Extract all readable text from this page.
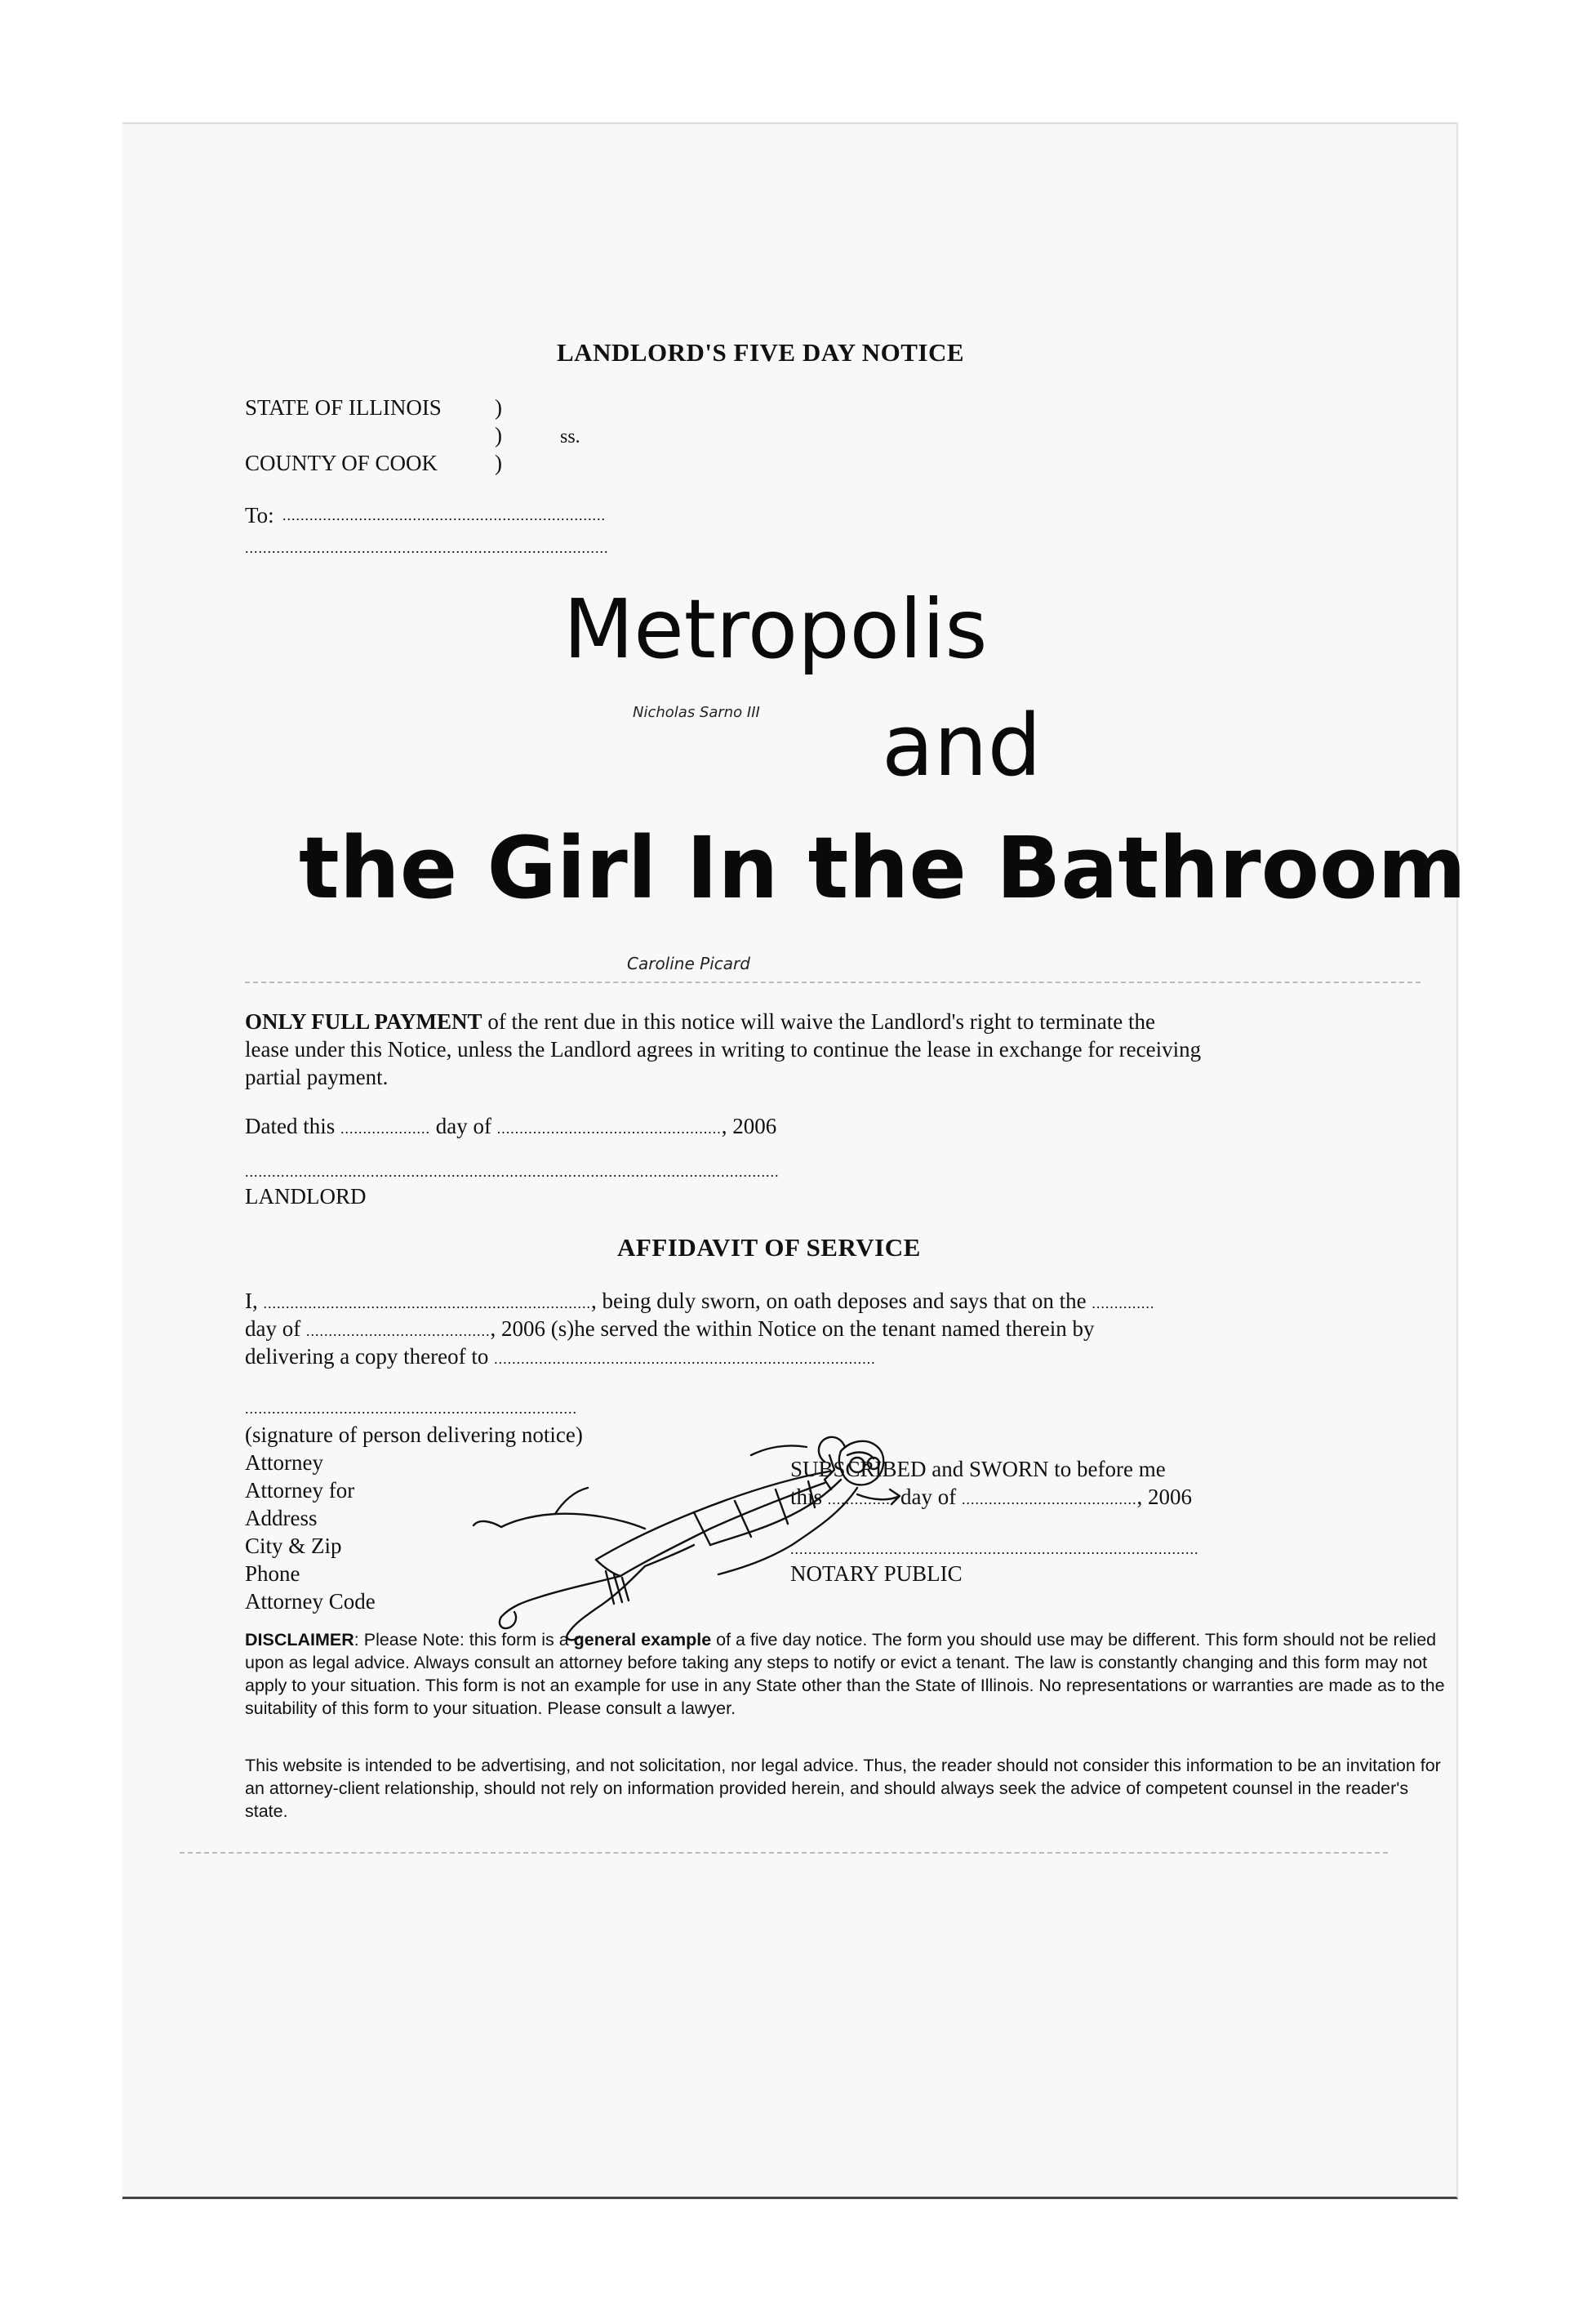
LANDLORD'S FIVE DAY NOTICE
STATE OF ILLINOIS )
)	ss.
COUNTY OF COOK	)
To: ........................................................................
.................................................................................
Metropolis
Nicholas Sarno III and
the Girl In the Bathroom
Caroline Picard
ONLY FULL PAYMENT of the rent due in this notice will waive the Landlord's right to terminate the
lease under this Notice, unless the Landlord agrees in writing to continue the lease in exchange for receiving
partial payment.
Dated this .................... day of .................................................., 2006
.......................................................................................................................
LANDLORD
AFFIDAVIT OF SERVICE
I, ........................................................................., being duly sworn, on oath deposes and says that on the ..............
day of ........................................., 2006 (s)he served the within Notice on the tenant named therein by
delivering a copy thereof to .....................................................................................
..........................................................................
(signature of person delivering notice)
Attorney
Attorney for
Address
City & Zip
Phone
Attorney Code
SUBSCRIBED and SWORN to before me
this ............... day of ......................................., 2006
...........................................................................................
NOTARY PUBLIC
DISCLAIMER: Please Note: this form is a general example of a five day notice. The form you should use may be different. This form should not be relied upon as legal advice. Always consult an attorney before taking any steps to notify or evict a tenant. The law is constantly changing and this form may not apply to your situation. This form is not an example for use in any State other than the State of Illinois. No representations or warranties are made as to the suitability of this form to your situation. Please consult a lawyer.
This website is intended to be advertising, and not solicitation, nor legal advice. Thus, the reader should not consider this information to be an invitation for an attorney-client relationship, should not rely on information provided herein, and should always seek the advice of competent counsel in the reader's state.
